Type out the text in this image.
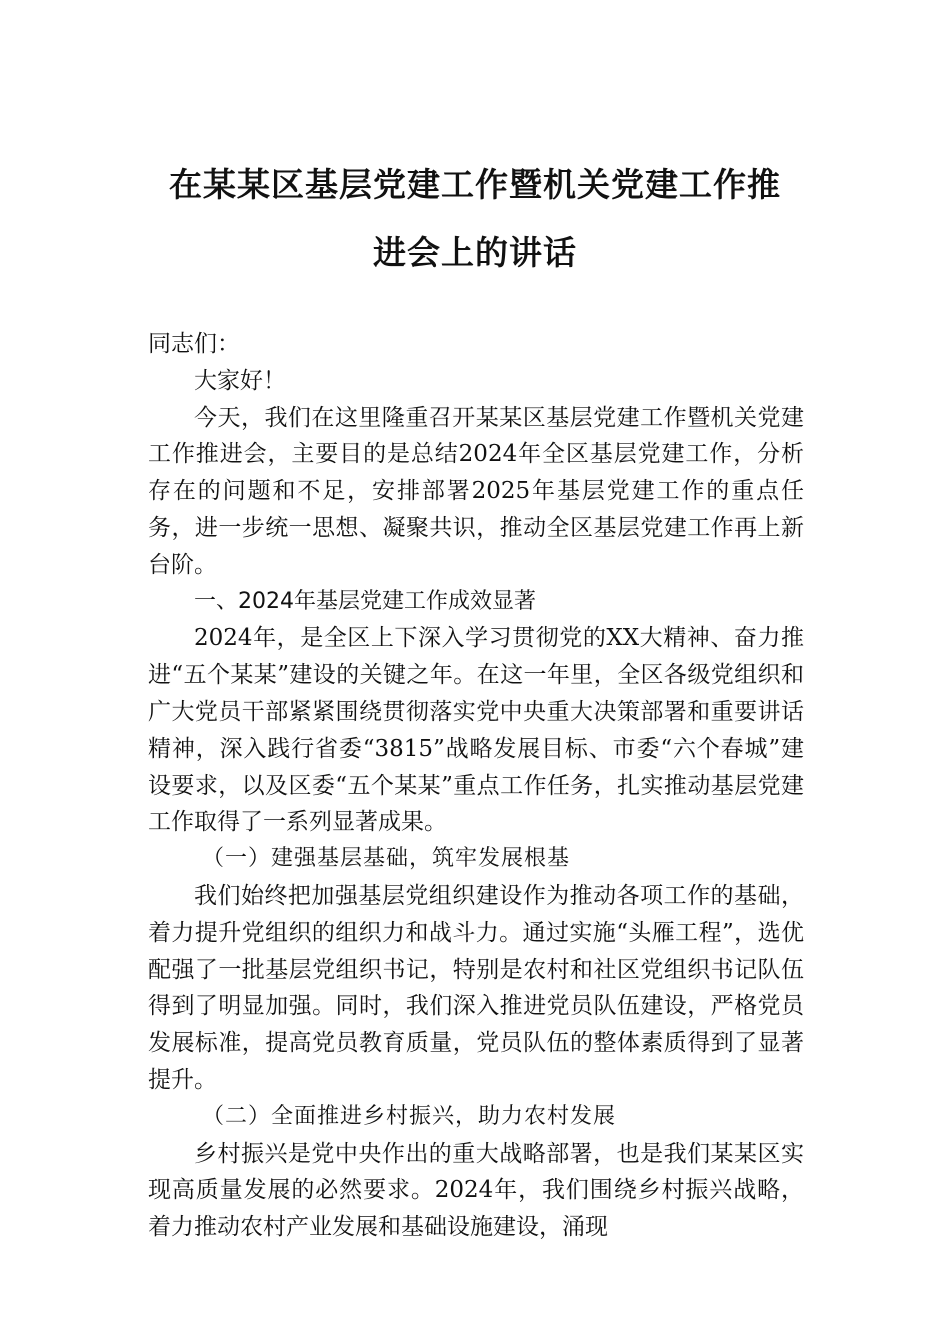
在某某区基层党建工作暨机关党建工作推
进会上的讲话

同志们：

大家好！

今天，我们在这里隆重召开某某区基层党建工作暨机关党建工作推进会，主要目的是总结2024年全区基层党建工作，分析存在的问题和不足，安排部署2025年基层党建工作的重点任务，进一步统一思想、凝聚共识，推动全区基层党建工作再上新台阶。

一、2024年基层党建工作成效显著

2024年，是全区上下深入学习贯彻党的XX大精神、奋力推进“五个某某”建设的关键之年。在这一年里，全区各级党组织和广大党员干部紧紧围绕贯彻落实党中央重大决策部署和重要讲话精神，深入践行省委“3815”战略发展目标、市委“六个春城”建设要求，以及区委“五个某某”重点工作任务，扎实推动基层党建工作取得了一系列显著成果。

（一）建强基层基础，筑牢发展根基

我们始终把加强基层党组织建设作为推动各项工作的基础，着力提升党组织的组织力和战斗力。通过实施“头雁工程”，选优配强了一批基层党组织书记，特别是农村和社区党组织书记队伍得到了明显加强。同时，我们深入推进党员队伍建设，严格党员发展标准，提高党员教育质量，党员队伍的整体素质得到了显著提升。

（二）全面推进乡村振兴，助力农村发展

乡村振兴是党中央作出的重大战略部署，也是我们某某区实现高质量发展的必然要求。2024年，我们围绕乡村振兴战略，着力推动农村产业发展和基础设施建设，涌现
